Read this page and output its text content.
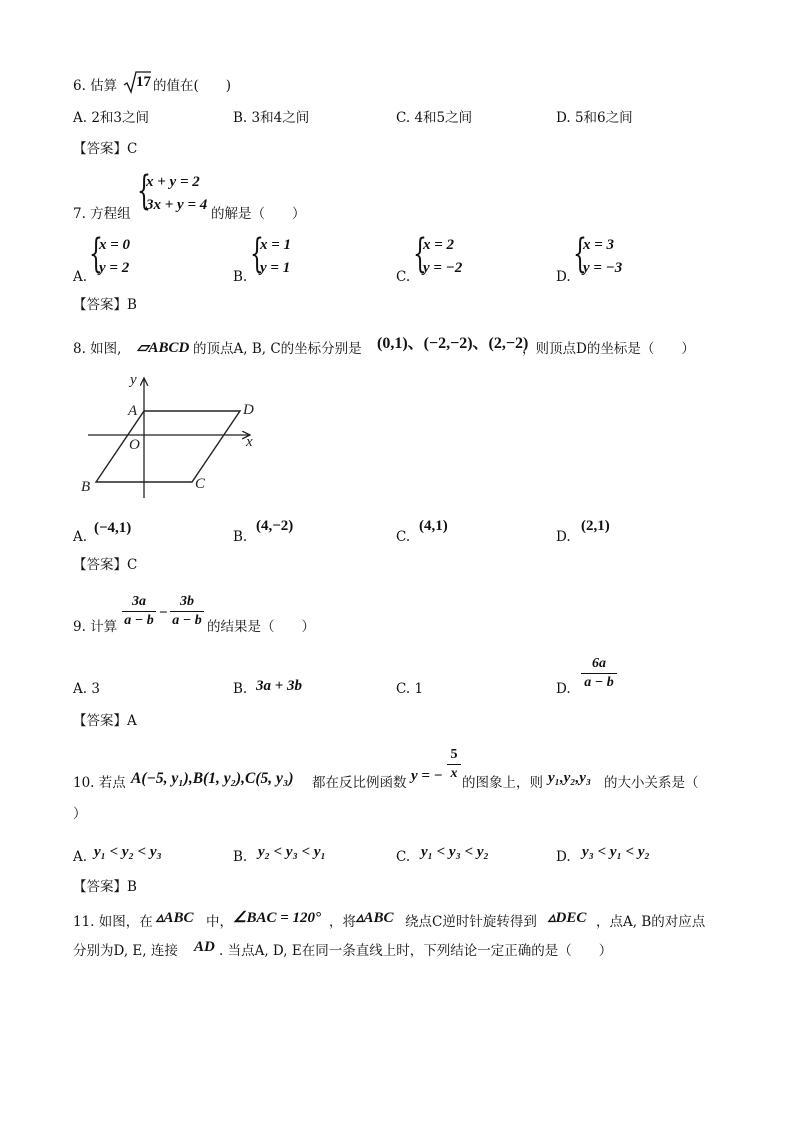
6. 估算 17 的值在(　　)
A. 2和3之间	B. 3和4之间	C. 4和5之间	D. 5和6之间
【答案】C
7. 方程组 {
x + y = 2
3x + y = 4
的解是（　　）
A. {
x = 0
y = 2
B. {
x = 1
y = 1
C. {
x = 2
y = −2
D. {
x = 3
y = −3
【答案】B
8. 如图, ▱ABCD 的顶点A, B, C的坐标分别是 (0,1)、(−2,−2)、(2,−2)
，则顶点D的坐标是（　　）
y
x
A	D
O
B	C
A.
(−4,1)
B.
(4,−2)
C.
(4,1)
D.
(2,1)
【答案】C
9. 计算
3a
a − b −
3b
a − b 的结果是（　　）
A. 3	B. 3a + 3b	C. 1	D.
6a
a − b
【答案】A
10. 若点 A(−5, y₁),B(1, y₂),C(5, y₃) 都在反比例函数 y = −
5
x
的图象上，则 y₁,y₂,y₃ 的大小关系是（
）
A. y₁ < y₂ < y₃	B. y₂ < y₃ < y₁	C. y₁ < y₃ < y₂	D. y₃ < y₁ < y₂
【答案】B
11. 如图，在 ▵ABC 中， ∠BAC = 120° ，将 ▵ABC 绕点C逆时针旋转得到 ▵DEC ，点A, B的对应点
分别为D, E, 连接 AD . 当点A, D, E在同一条直线上时，下列结论一定正确的是（　　）
